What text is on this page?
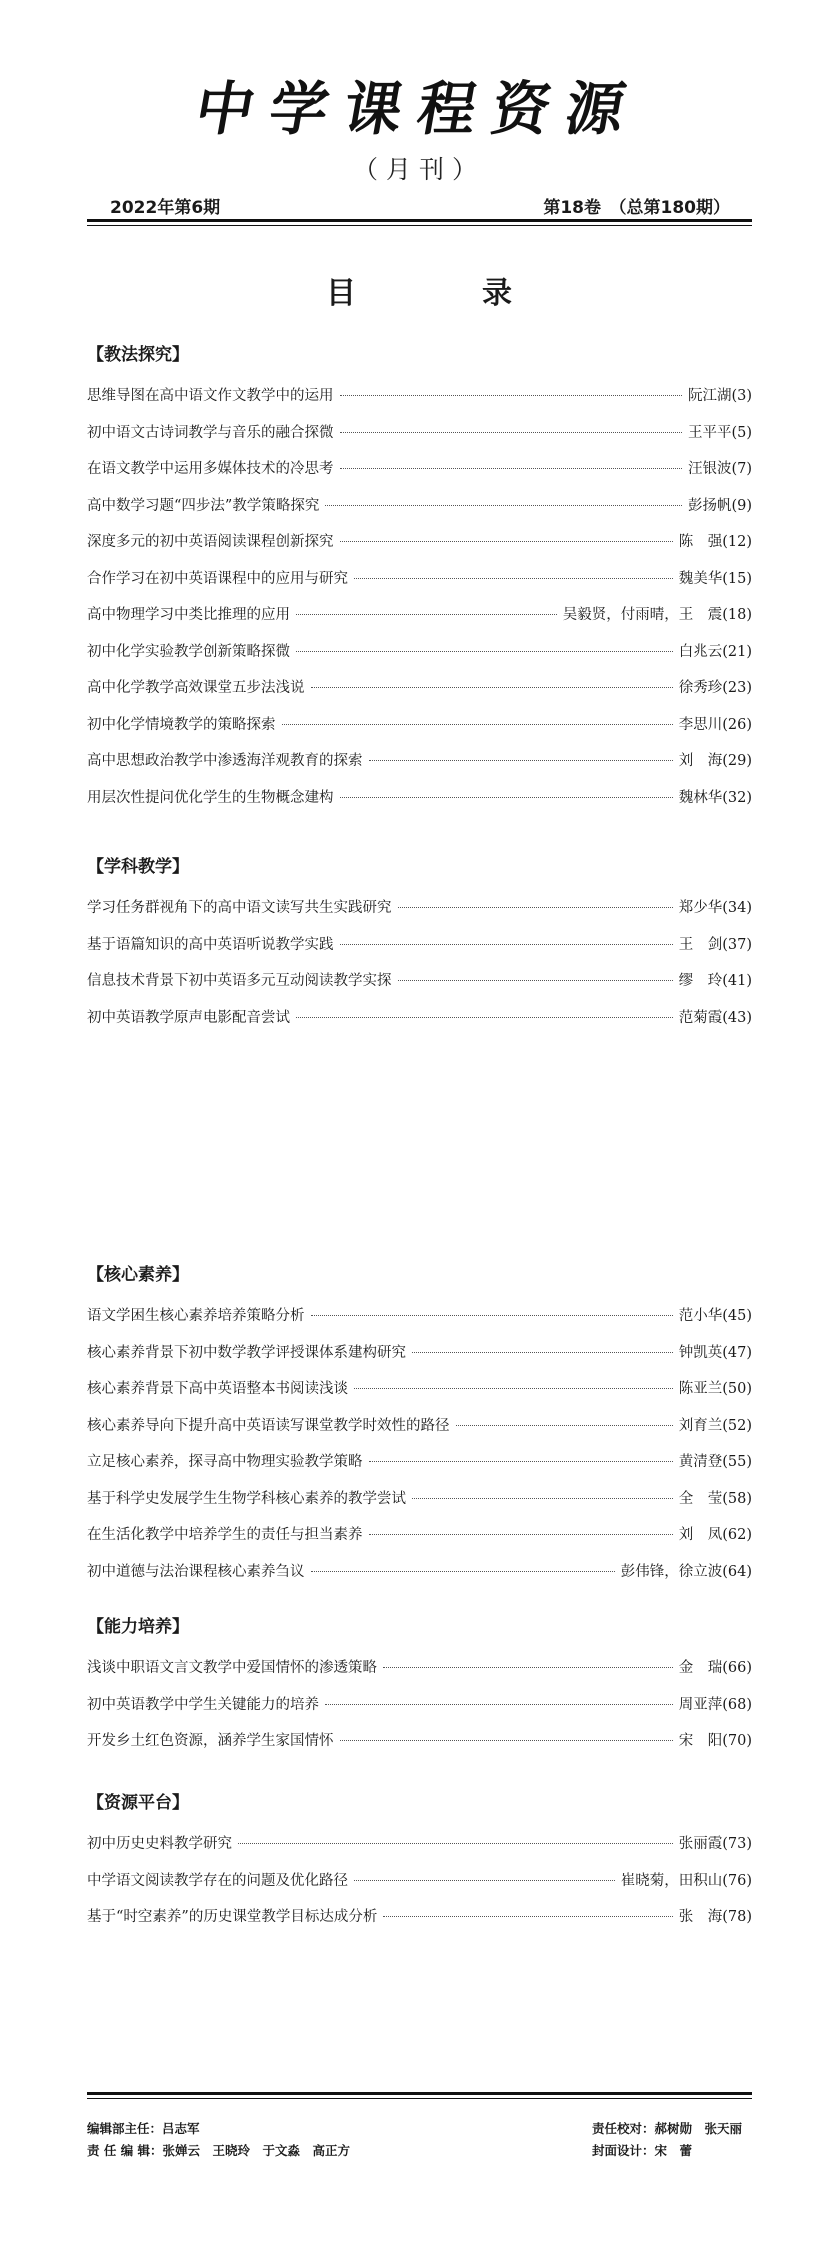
中学课程资源
（月刊）
2022年第6期	第18卷　（总第180期）
目　录
【教法探究】
思维导图在高中语文作文教学中的运用	阮江湖(3)
初中语文古诗词教学与音乐的融合探微	王平平(5)
在语文教学中运用多媒体技术的冷思考	汪银波(7)
高中数学习题“四步法”教学策略探究	彭扬帆(9)
深度多元的初中英语阅读课程创新探究	陈　强(12)
合作学习在初中英语课程中的应用与研究	魏美华(15)
高中物理学习中类比推理的应用	吴毅贤，付雨晴，王　震(18)
初中化学实验教学创新策略探微	白兆云(21)
高中化学教学高效课堂五步法浅说	徐秀珍(23)
初中化学情境教学的策略探索	李思川(26)
高中思想政治教学中渗透海洋观教育的探索	刘　海(29)
用层次性提问优化学生的生物概念建构	魏林华(32)
【学科教学】
学习任务群视角下的高中语文读写共生实践研究	郑少华(34)
基于语篇知识的高中英语听说教学实践	王　剑(37)
信息技术背景下初中英语多元互动阅读教学实探	缪　玲(41)
初中英语教学原声电影配音尝试	范菊霞(43)
【核心素养】
语文学困生核心素养培养策略分析	范小华(45)
核心素养背景下初中数学教学评授课体系建构研究	钟凯英(47)
核心素养背景下高中英语整本书阅读浅谈	陈亚兰(50)
核心素养导向下提升高中英语读写课堂教学时效性的路径	刘育兰(52)
立足核心素养，探寻高中物理实验教学策略	黄清登(55)
基于科学史发展学生生物学科核心素养的教学尝试	全　莹(58)
在生活化教学中培养学生的责任与担当素养	刘　凤(62)
初中道德与法治课程核心素养刍议	彭伟锋，徐立波(64)
【能力培养】
浅谈中职语文言文教学中爱国情怀的渗透策略	金　瑞(66)
初中英语教学中学生关键能力的培养	周亚萍(68)
开发乡土红色资源，涵养学生家国情怀	宋　阳(70)
【资源平台】
初中历史史料教学研究	张丽霞(73)
中学语文阅读教学存在的问题及优化路径	崔晓菊，田积山(76)
基于“时空素养”的历史课堂教学目标达成分析	张　海(78)
编辑部主任：吕志军
责 任 编 辑：张婵云　王晓玲　于文淼　高正方
责任校对：郝树勋　张天丽
封面设计：宋　蕾
